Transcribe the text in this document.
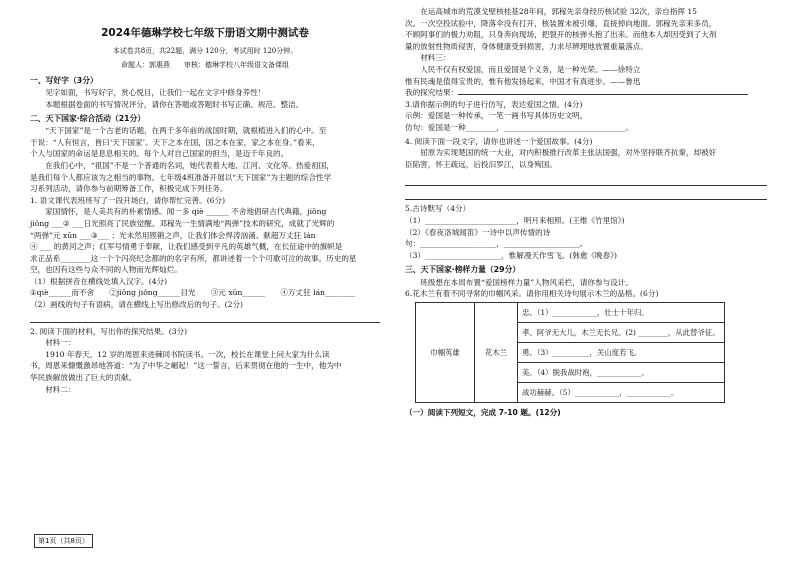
2024年德琳学校七年级下册语文期中测试卷
本试卷共8页，共22题，满分 120分，考试用时 120分钟。
命题人：郭惠燕　　审核：德琳学校八年级语文备课组
一、写好字（3分）

见字如面，书写好字，赏心悦目，让我们一起在文字中修身养性！

本题根据卷面的书写情况评分，请你在答题或答题时书写正确、规范、整洁。

二、天下国家·综合活动（21分）

“天下国家”是一个古老的话题，在两千多年前的战国时期，就根植进入们的心中。至

于说：“人有恒言，皆曰‘天下国家’。天下之本在国，国之本在家，家之本在身。”看来，

个人与国家的命运是息息相关的。每个人对自己国家的担当，是迈千年良的。

在我们心中，“祖国”不是一个普通的名词，她代表着大地、江河、文化等。热爱祖国，

是我们每个人都应该为之相当的事物。七年级4班准备开展以“天下国家”为主题的综合性学

习系列活动，请你参与前期筹备工作，积极完成下列任务。

1. 语文课代表班班写了一段开场白，请你帮忙完善。(6分)

家国情怀，是人美共有的朴素情感。闻一多 qiè ______ 不舍地倡研古代典籍，jiǒng

jiǒng ___② ___日光照亮了民族觉醒。邓稼先一生情满地“两弹”技术的研究，成就了光辉的

“两弹”元 xūn ___③___ ；光未然用铿锵之声，让我们体会悍涛汹涌、献超万丈狂 lán

④ ___ 的黄河之声；红军号情勇于奉献，让我们感受到平凡的英雄气概，在长征途中的旗帜是

求正品系________这一个个闪亮纪念都的的名字有所，都讲述着一个个可歌可泣的故事。历史的星

空，也因有这些与众不同的人物而光辉灿烂。

（1）根据拼音在横线处填入汉字。(4分)

①qiè______而不舍　　②jiǒng jiǒng______目光　　③元 xūn______　　④万丈狂 lán________

（2）画线的句子有语病，请在横线上写出修改后的句子。(2分)

2. 阅读下面的材料，写出你的探究结果。(3分)

材料一：

1910 年春天，12 岁的周恩来进棘同书院读书。一次，校长在课堂上问大家为什么读

书，周恩来慷慨激昂地答道：“为了中华之崛起！”这一誓言，后来贯彻在他的一生中，他为中

华民族解放做出了巨大的贡献。

材料二：

在运高城市的荒漠戈壁核桂基28年间，郭稼先亲身经历核试验 32次，亲自指挥 15

次。一次空投试验中，降落伞没有打开，核装置未被引爆，直接掉向地面。郭稼先亲来多员，

不顾阿事们的极力劝阻，只身奔向现场，把裂开的核弹头抱了出来。而他本人却因受到了大剂

量的放射性物质侵害，身体健康受到损害，力求尽辨理地放置重量落点。

材料三：

人民不仅有权爱国，而且爱国是个义务，是一种光荣。——徐特立

惟有民魂是值得宝贵的，惟有他发扬起来，中国才有真进步。——鲁迅

我的探究结果：

3.请你据示例的句子进行仿写，表达爱国之情。(4分)

示例：爱国是一种传承，一笔一画书写具体历史文明。

仿句：爱国是一种________，________________________________。

4. 阅读下面一段文字，请你也讲述一个爱国故事。(4分)

屈原为实现楚国的统一大业，对内积极推行改革主张法国强，对外坚持联齐抗秦，却被奸

臣陷害，怀王疏远，后投汨罗江，以身殉国。

5.古诗默写（4分）

（1）________________________，明月来相照。(王维《竹里馆》)

（2）《春夜洛城闻笛》一诗中以声传情的诗

句：____________________，____________________。

（3）____________________，惟解漫天作雪飞。(韩愈《晚春》)

三、天下国家·榜样力量（29分）

班级想在本周布置“爱国榜样力量”人物风采栏，请你参与设计。

6.花木兰有着不同寻常的巾帼风采。请你用相关诗句展示木兰的品格。(6分)

巾帼英雄	花木兰	忠。（1）____________，壮士十年归。
孝。阿爷无大儿，木兰无长兄。(2) ________，从此替爷征。
勇。（3）__________，关山度若飞。
美。（4）脱我战时袍，____________。
战功赫赫。（5）____________，____________。

（一）阅读下列短文，完成 7-10 题。(12分)

第1页（共8页）
